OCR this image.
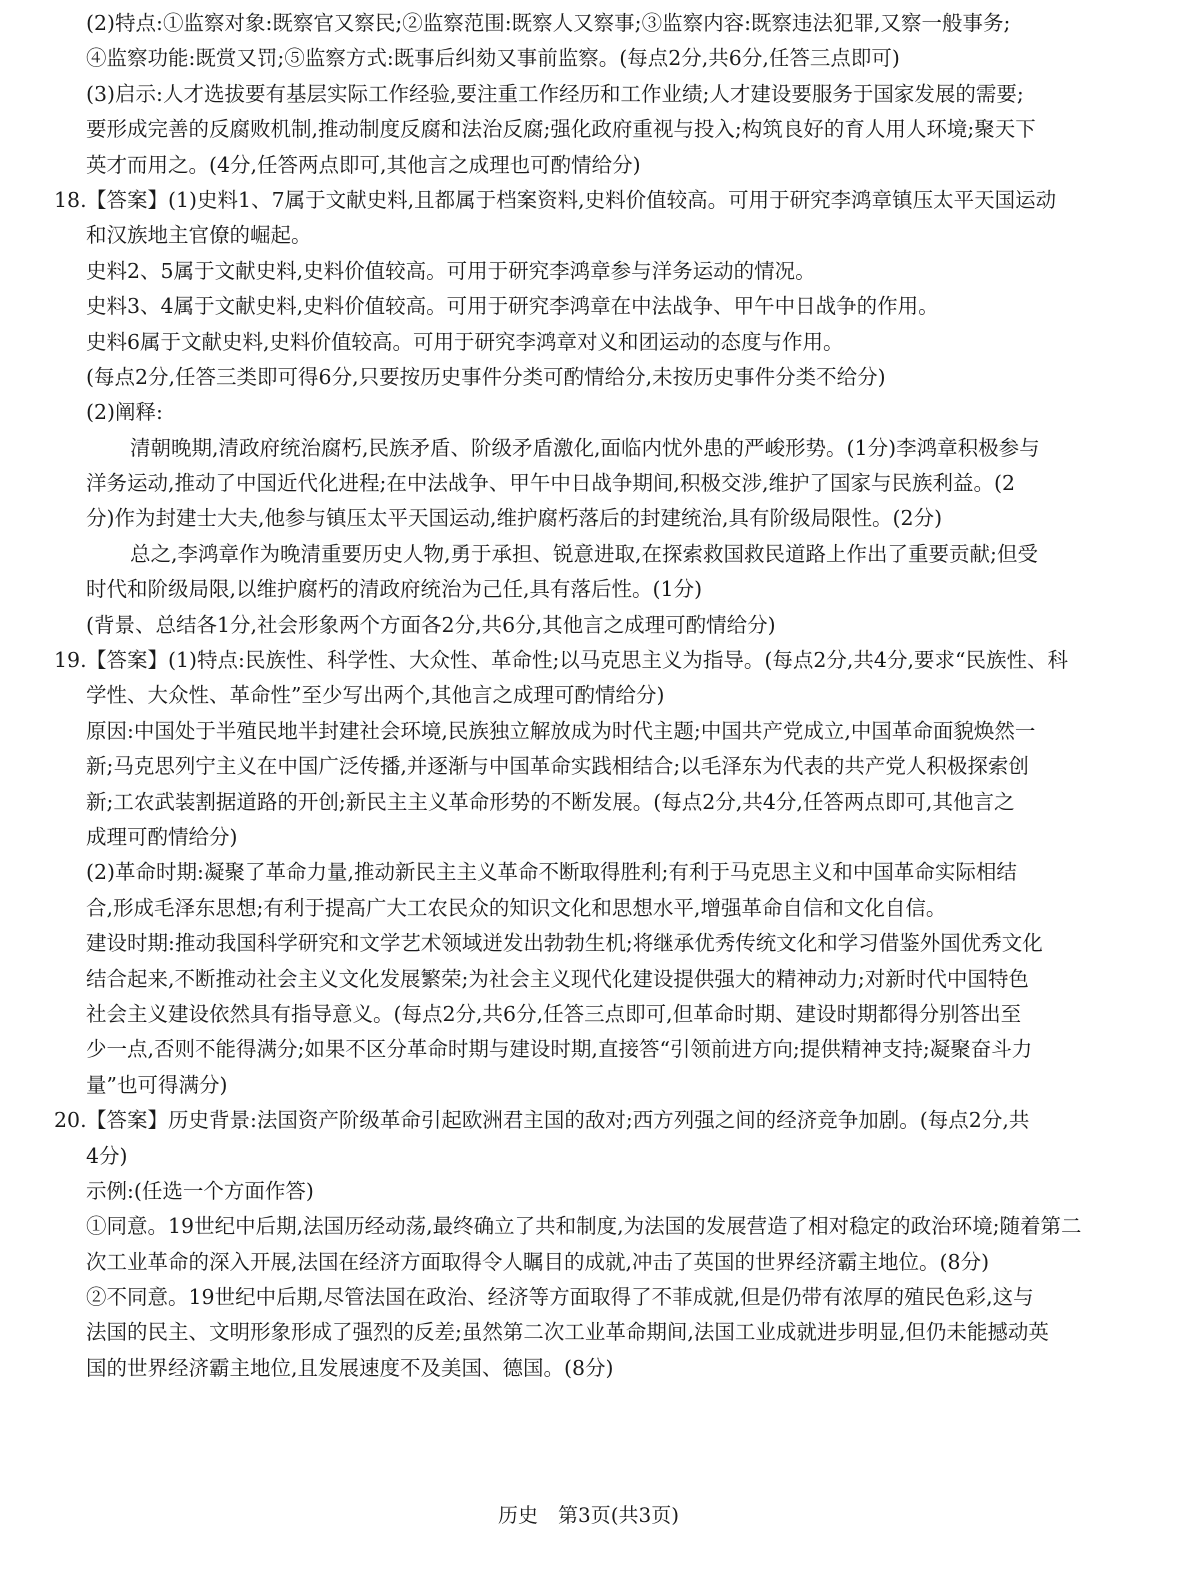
(2)特点:①监察对象:既察官又察民;②监察范围:既察人又察事;③监察内容:既察违法犯罪,又察一般事务;
④监察功能:既赏又罚;⑤监察方式:既事后纠劾又事前监察。(每点2分,共6分,任答三点即可)
(3)启示:人才选拔要有基层实际工作经验,要注重工作经历和工作业绩;人才建设要服务于国家发展的需要;
要形成完善的反腐败机制,推动制度反腐和法治反腐;强化政府重视与投入;构筑良好的育人用人环境;聚天下
英才而用之。(4分,任答两点即可,其他言之成理也可酌情给分)
18.【答案】(1)史料1、7属于文献史料,且都属于档案资料,史料价值较高。可用于研究李鸿章镇压太平天国运动
和汉族地主官僚的崛起。
史料2、5属于文献史料,史料价值较高。可用于研究李鸿章参与洋务运动的情况。
史料3、4属于文献史料,史料价值较高。可用于研究李鸿章在中法战争、甲午中日战争的作用。
史料6属于文献史料,史料价值较高。可用于研究李鸿章对义和团运动的态度与作用。
(每点2分,任答三类即可得6分,只要按历史事件分类可酌情给分,未按历史事件分类不给分)
(2)阐释:
清朝晚期,清政府统治腐朽,民族矛盾、阶级矛盾激化,面临内忧外患的严峻形势。(1分)李鸿章积极参与
洋务运动,推动了中国近代化进程;在中法战争、甲午中日战争期间,积极交涉,维护了国家与民族利益。(2
分)作为封建士大夫,他参与镇压太平天国运动,维护腐朽落后的封建统治,具有阶级局限性。(2分)
总之,李鸿章作为晚清重要历史人物,勇于承担、锐意进取,在探索救国救民道路上作出了重要贡献;但受
时代和阶级局限,以维护腐朽的清政府统治为己任,具有落后性。(1分)
(背景、总结各1分,社会形象两个方面各2分,共6分,其他言之成理可酌情给分)
19.【答案】(1)特点:民族性、科学性、大众性、革命性;以马克思主义为指导。(每点2分,共4分,要求“民族性、科
学性、大众性、革命性”至少写出两个,其他言之成理可酌情给分)
原因:中国处于半殖民地半封建社会环境,民族独立解放成为时代主题;中国共产党成立,中国革命面貌焕然一
新;马克思列宁主义在中国广泛传播,并逐渐与中国革命实践相结合;以毛泽东为代表的共产党人积极探索创
新;工农武装割据道路的开创;新民主主义革命形势的不断发展。(每点2分,共4分,任答两点即可,其他言之
成理可酌情给分)
(2)革命时期:凝聚了革命力量,推动新民主主义革命不断取得胜利;有利于马克思主义和中国革命实际相结
合,形成毛泽东思想;有利于提高广大工农民众的知识文化和思想水平,增强革命自信和文化自信。
建设时期:推动我国科学研究和文学艺术领域迸发出勃勃生机;将继承优秀传统文化和学习借鉴外国优秀文化
结合起来,不断推动社会主义文化发展繁荣;为社会主义现代化建设提供强大的精神动力;对新时代中国特色
社会主义建设依然具有指导意义。(每点2分,共6分,任答三点即可,但革命时期、建设时期都得分别答出至
少一点,否则不能得满分;如果不区分革命时期与建设时期,直接答“引领前进方向;提供精神支持;凝聚奋斗力
量”也可得满分)
20.【答案】历史背景:法国资产阶级革命引起欧洲君主国的敌对;西方列强之间的经济竞争加剧。(每点2分,共
4分)
示例:(任选一个方面作答)
①同意。19世纪中后期,法国历经动荡,最终确立了共和制度,为法国的发展营造了相对稳定的政治环境;随着第二
次工业革命的深入开展,法国在经济方面取得令人瞩目的成就,冲击了英国的世界经济霸主地位。(8分)
②不同意。19世纪中后期,尽管法国在政治、经济等方面取得了不菲成就,但是仍带有浓厚的殖民色彩,这与
法国的民主、文明形象形成了强烈的反差;虽然第二次工业革命期间,法国工业成就进步明显,但仍未能撼动英
国的世界经济霸主地位,且发展速度不及美国、德国。(8分)
历史　第3页(共3页)
